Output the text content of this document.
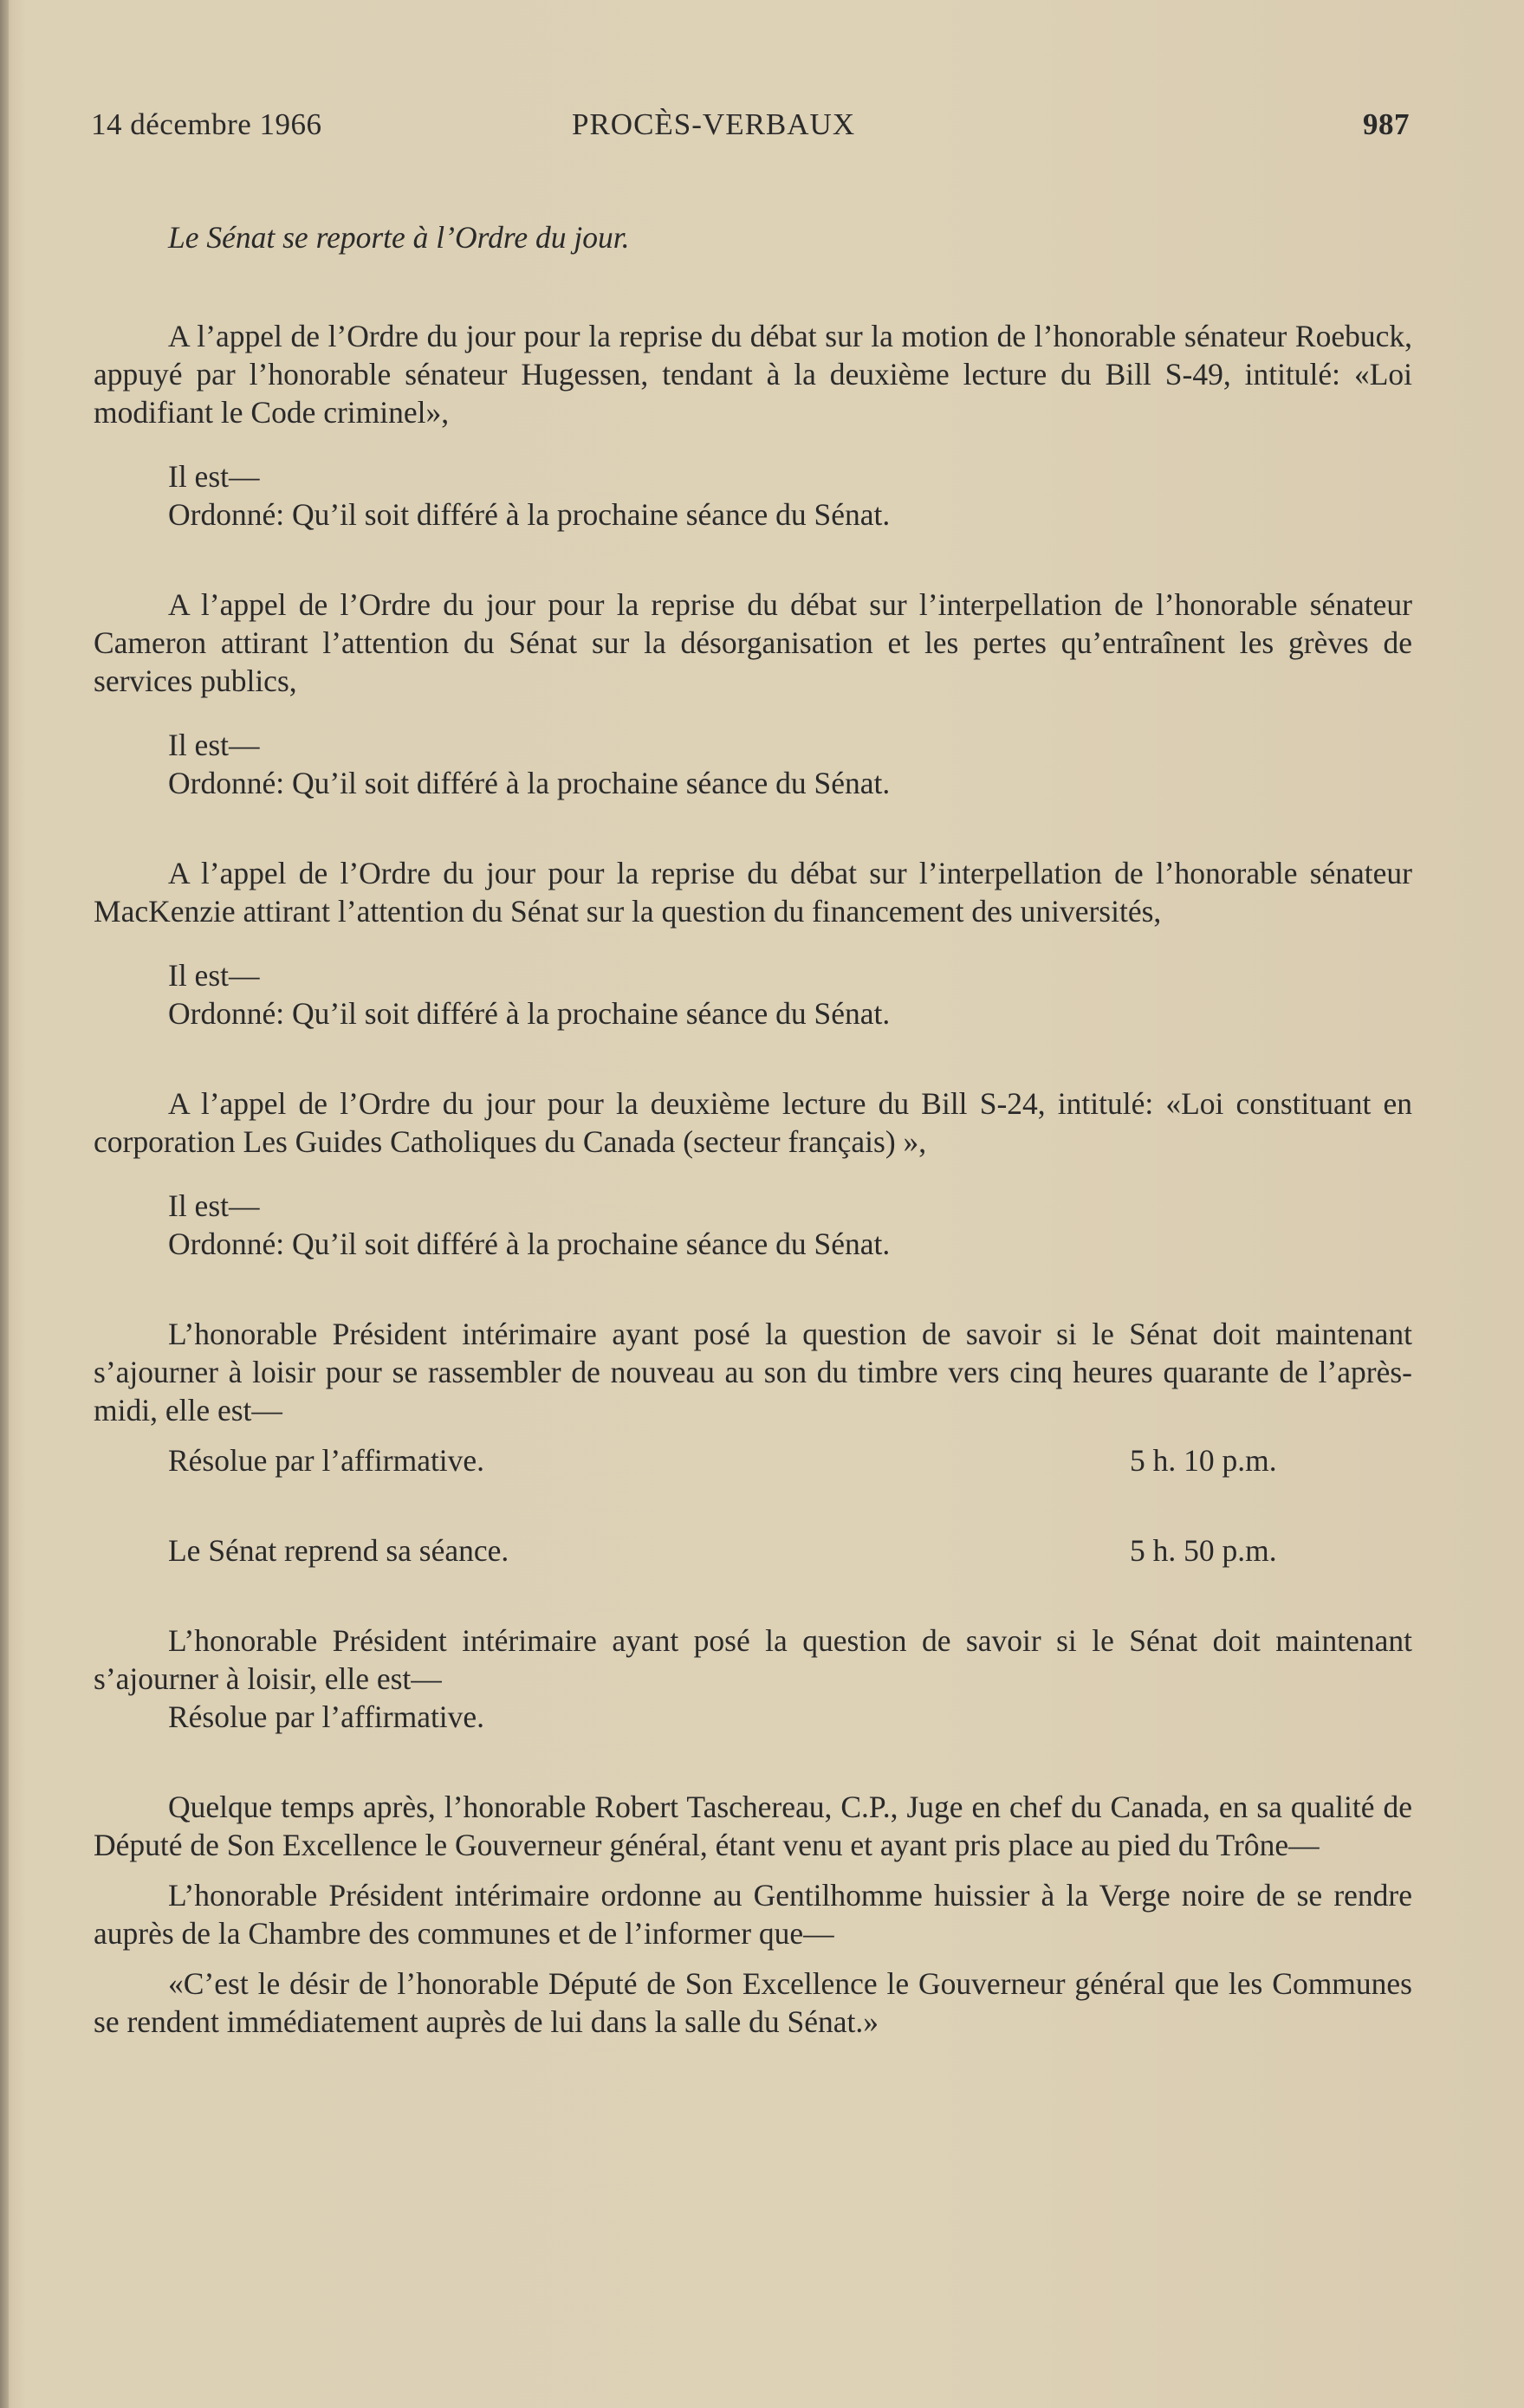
14 décembre 1966	PROCÈS-VERBAUX	987

Le Sénat se reporte à l’Ordre du jour.

A l’appel de l’Ordre du jour pour la reprise du débat sur la motion de l’honorable sénateur Roebuck, appuyé par l’honorable sénateur Hugessen, tendant à la deuxième lecture du Bill S-49, intitulé: «Loi modifiant le Code criminel»,

Il est—

Ordonné: Qu’il soit différé à la prochaine séance du Sénat.

A l’appel de l’Ordre du jour pour la reprise du débat sur l’interpellation de l’honorable sénateur Cameron attirant l’attention du Sénat sur la désorganisation et les pertes qu’entraînent les grèves de services publics,

Il est—

Ordonné: Qu’il soit différé à la prochaine séance du Sénat.

A l’appel de l’Ordre du jour pour la reprise du débat sur l’interpellation de l’honorable sénateur MacKenzie attirant l’attention du Sénat sur la question du financement des universités,

Il est—

Ordonné: Qu’il soit différé à la prochaine séance du Sénat.

A l’appel de l’Ordre du jour pour la deuxième lecture du Bill S-24, intitulé: «Loi constituant en corporation Les Guides Catholiques du Canada (secteur français) »,

Il est—

Ordonné: Qu’il soit différé à la prochaine séance du Sénat.

L’honorable Président intérimaire ayant posé la question de savoir si le Sénat doit maintenant s’ajourner à loisir pour se rassembler de nouveau au son du timbre vers cinq heures quarante de l’après-midi, elle est—

Résolue par l’affirmative.	5 h. 10 p.m.

Le Sénat reprend sa séance.	5 h. 50 p.m.

L’honorable Président intérimaire ayant posé la question de savoir si le Sénat doit maintenant s’ajourner à loisir, elle est—

Résolue par l’affirmative.

Quelque temps après, l’honorable Robert Taschereau, C.P., Juge en chef du Canada, en sa qualité de Député de Son Excellence le Gouverneur général, étant venu et ayant pris place au pied du Trône—

L’honorable Président intérimaire ordonne au Gentilhomme huissier à la Verge noire de se rendre auprès de la Chambre des communes et de l’informer que—

«C’est le désir de l’honorable Député de Son Excellence le Gouverneur général que les Communes se rendent immédiatement auprès de lui dans la salle du Sénat.»
